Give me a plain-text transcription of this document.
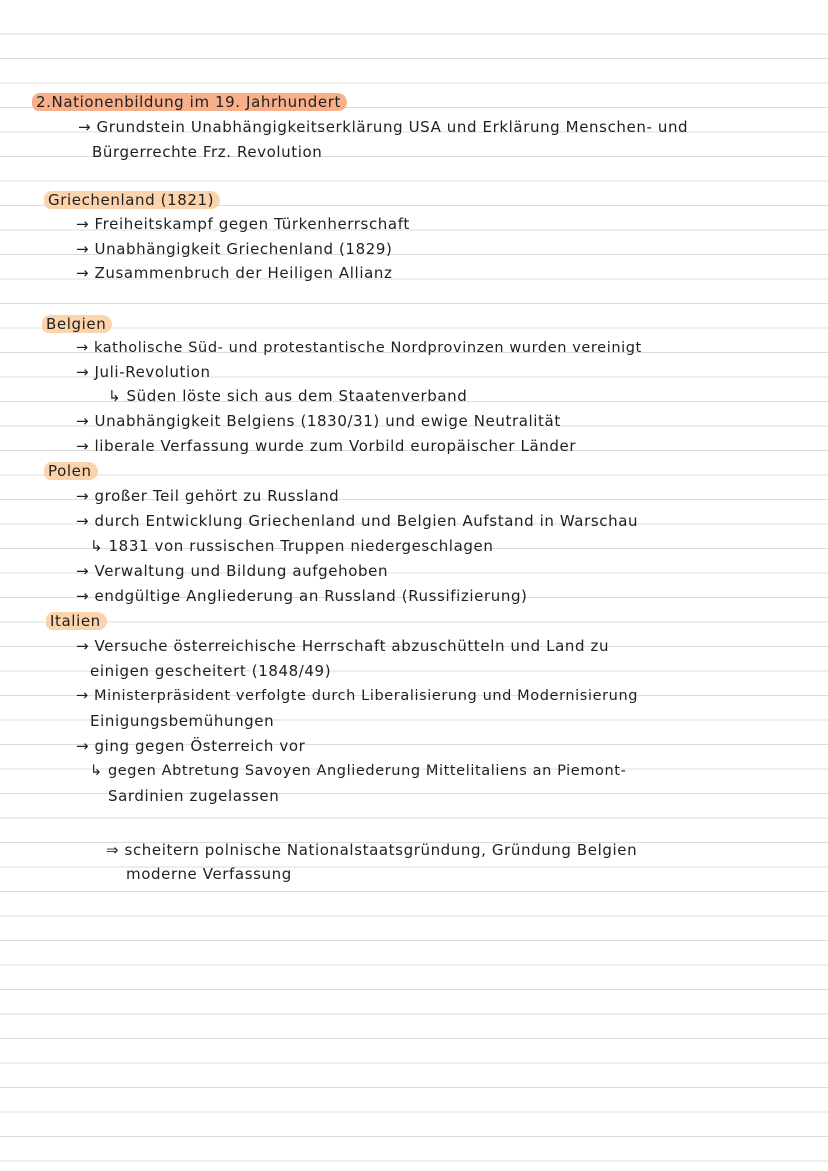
2.Nationenbildung im 19. Jahrhundert
→ Grundstein Unabhängigkeitserklärung USA und Erklärung Menschen- und
Bürgerrechte Frz. Revolution
Griechenland (1821)
→ Freiheitskampf gegen Türkenherrschaft
→ Unabhängigkeit Griechenland (1829)
→ Zusammenbruch der Heiligen Allianz
Belgien
→ katholische Süd- und protestantische Nordprovinzen wurden vereinigt
→ Juli-Revolution
↳ Süden löste sich aus dem Staatenverband
→ Unabhängigkeit Belgiens (1830/31) und ewige Neutralität
→ liberale Verfassung wurde zum Vorbild europäischer Länder
Polen
→ großer Teil gehört zu Russland
→ durch Entwicklung Griechenland und Belgien Aufstand in Warschau
↳ 1831 von russischen Truppen niedergeschlagen
→ Verwaltung und Bildung aufgehoben
→ endgültige Angliederung an Russland (Russifizierung)
Italien
→ Versuche österreichische Herrschaft abzuschütteln und Land zu
einigen gescheitert (1848/49)
→ Ministerpräsident verfolgte durch Liberalisierung und Modernisierung
Einigungsbemühungen
→ ging gegen Österreich vor
↳ gegen Abtretung Savoyen Angliederung Mittelitaliens an Piemont-
Sardinien zugelassen
⇒ scheitern polnische Nationalstaatsgründung, Gründung Belgien
moderne Verfassung
